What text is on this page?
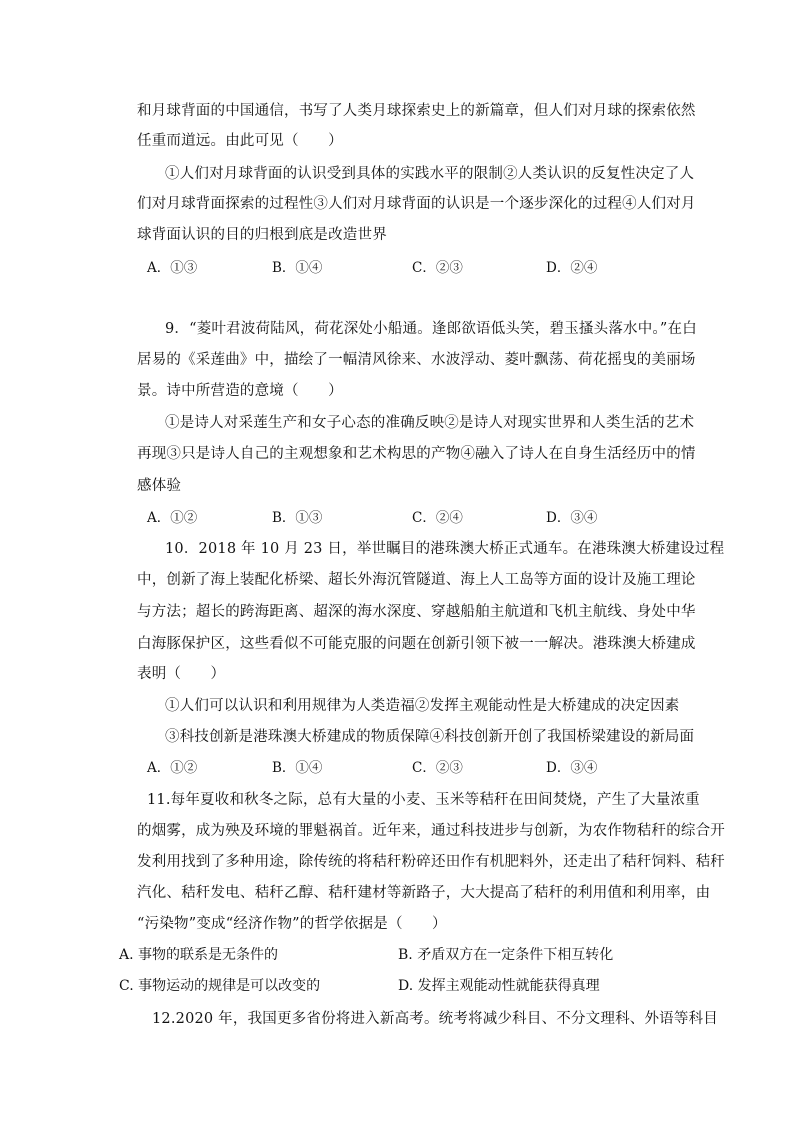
和月球背面的中国通信，书写了人类月球探索史上的新篇章，但人们对月球的探索依然
任重而道远。由此可见（　　）
①人们对月球背面的认识受到具体的实践水平的限制②人类认识的反复性决定了人
们对月球背面探索的过程性③人们对月球背面的认识是一个逐步深化的过程④人们对月
球背面认识的目的归根到底是改造世界
A．①③	B．①④	C．②③	D．②④
9．“菱叶君波荷陆风，荷花深处小船通。逢郎欲语低头笑，碧玉搔头落水中。”在白
居易的《采莲曲》中，描绘了一幅清风徐来、水波浮动、菱叶飘荡、荷花摇曳的美丽场
景。诗中所营造的意境（　　）
①是诗人对采莲生产和女子心态的准确反映②是诗人对现实世界和人类生活的艺术
再现③只是诗人自己的主观想象和艺术构思的产物④融入了诗人在自身生活经历中的情
感体验
A．①②	B．①③	C．②④	D．③④
10．2018 年 10 月 23 日，举世瞩目的港珠澳大桥正式通车。在港珠澳大桥建设过程
中，创新了海上装配化桥梁、超长外海沉管隧道、海上人工岛等方面的设计及施工理论
与方法；超长的跨海距离、超深的海水深度、穿越船舶主航道和飞机主航线、身处中华
白海豚保护区，这些看似不可能克服的问题在创新引领下被一一解决。港珠澳大桥建成
表明（　　）
①人们可以认识和利用规律为人类造福②发挥主观能动性是大桥建成的决定因素
③科技创新是港珠澳大桥建成的物质保障④科技创新开创了我国桥梁建设的新局面
A．①②	B．①④	C．②③	D．③④
11.每年夏收和秋冬之际，总有大量的小麦、玉米等秸秆在田间焚烧，产生了大量浓重
的烟雾，成为殃及环境的罪魁祸首。近年来，通过科技进步与创新，为农作物秸秆的综合开
发利用找到了多种用途，除传统的将秸秆粉碎还田作有机肥料外，还走出了秸秆饲料、秸秆
汽化、秸秆发电、秸秆乙醇、秸秆建材等新路子，大大提高了秸秆的利用值和利用率，由
“污染物”变成“经济作物”的哲学依据是（　　）
A. 事物的联系是无条件的	B. 矛盾双方在一定条件下相互转化
C. 事物运动的规律是可以改变的	D. 发挥主观能动性就能获得真理
12.2020 年，我国更多省份将进入新高考。统考将减少科目、不分文理科、外语等科目
